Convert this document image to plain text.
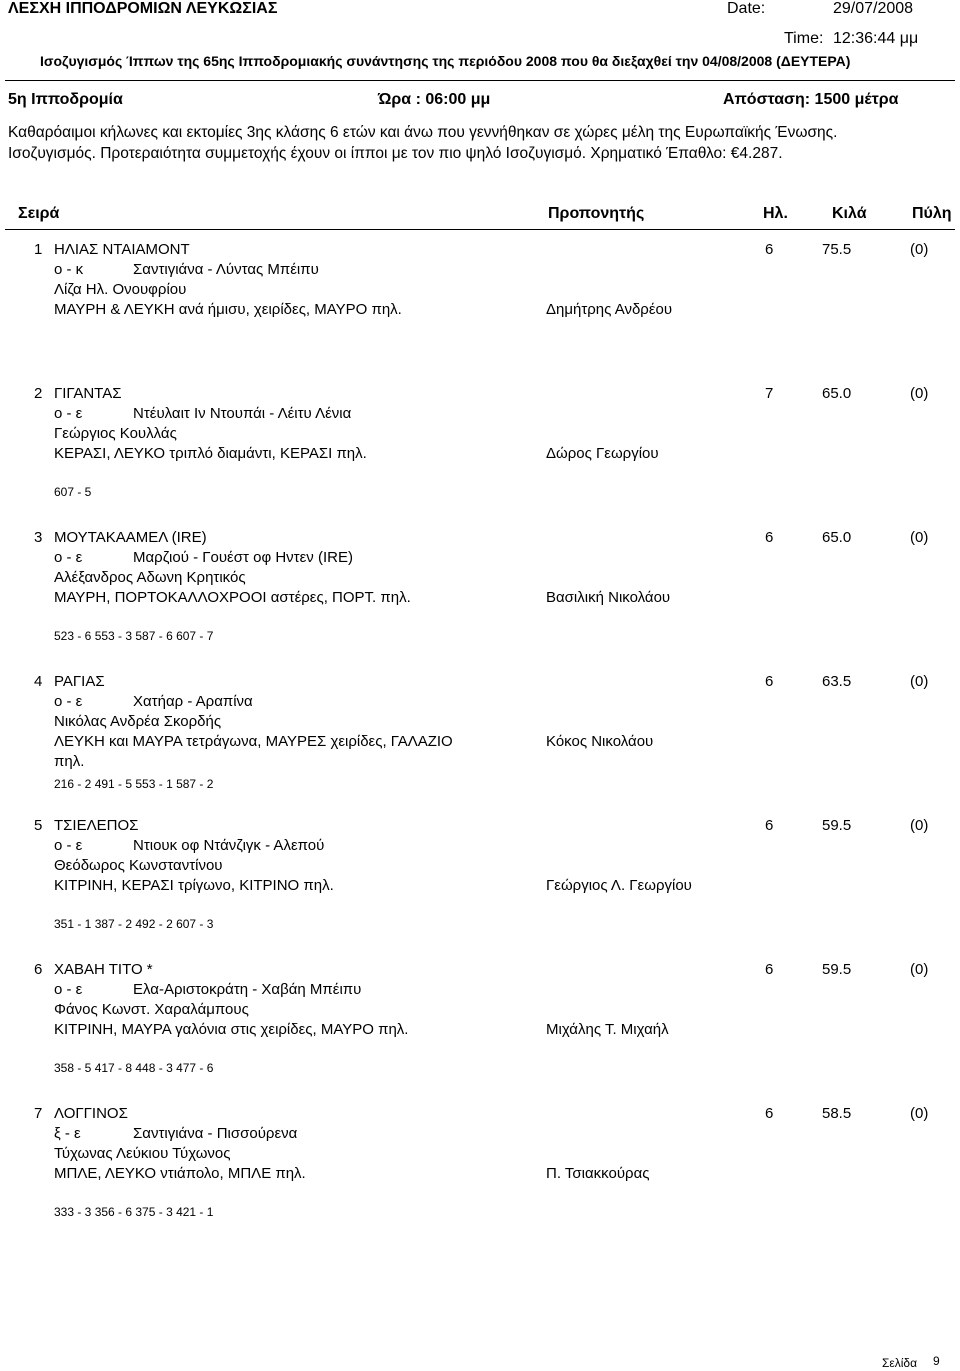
ΛΕΣΧΗ ΙΠΠΟΔΡΟΜΙΩΝ ΛΕΥΚΩΣΙΑΣ	Date:	29/07/2008
Time: 12:36:44 μμ
Ισοζυγισμός Ίππων της 65ης Ιπποδρομιακής συνάντησης της περιόδου 2008 που θα διεξαχθεί την 04/08/2008 (ΔΕΥΤΕΡΑ)
5η Ιπποδρομία	Ώρα : 06:00 μμ	Απόσταση: 1500 μέτρα
Καθαρόαιμοι κήλωνες και εκτομίες 3ης κλάσης 6 ετών και άνω που γεννήθηκαν σε χώρες μέλη της Ευρωπαϊκής Ένωσης. Ισοζυγισμός. Προτεραιότητα συμμετοχής έχουν οι ίπποι με τον πιο ψηλό Ισοζυγισμό. Χρηματικό Έπαθλο: €4.287.
Σειρά	Προπονητής	Ηλ.	Κιλά	Πύλη
1 ΗΛΙΑΣ ΝΤΑΙΑΜΟΝΤ	6	75.5	(0)
ο - κ	Σαντιγιάνα - Λύντας Μπέιπυ
Λίζα Ηλ. Ονουφρίου
ΜΑΥΡΗ & ΛΕΥΚΗ ανά ήμισυ, χειρίδες, ΜΑΥΡΟ πηλ.	Δημήτρης Ανδρέου
2 ΓΙΓΑΝΤΑΣ	7	65.0	(0)
ο - ε	Ντέυλαιτ Ιν Ντουπάι - Λέιτυ Λένια
Γεώργιος Κουλλάς
ΚΕΡΑΣΙ, ΛΕΥΚΟ τριπλό διαμάντι, ΚΕΡΑΣΙ πηλ.	Δώρος Γεωργίου
607 - 5
3 ΜΟΥΤΑΚΑΑΜΕΛ (IRE)	6	65.0	(0)
ο - ε	Μαρζιού - Γουέστ οφ Ηντεν (IRE)
Αλέξανδρος Αδωνη Κρητικός
ΜΑΥΡΗ, ΠΟΡΤΟΚΑΛΛΟΧΡΟΟΙ αστέρες, ΠΟΡΤ. πηλ.	Βασιλική Νικολάου
523 - 6 553 - 3 587 - 6 607 - 7
4 ΡΑΓΙΑΣ	6	63.5	(0)
ο - ε	Χατήαρ - Αραπίνα
Νικόλας Ανδρέα Σκορδής
ΛΕΥΚΗ και ΜΑΥΡΑ τετράγωνα, ΜΑΥΡΕΣ χειρίδες, ΓΑΛΑΖΙΟ	Κόκος Νικολάου
πηλ.
216 - 2 491 - 5 553 - 1 587 - 2
5 ΤΣΙΕΛΕΠΟΣ	6	59.5	(0)
ο - ε	Ντιουκ οφ Ντάνζιγκ - Αλεπού
Θεόδωρος Κωνσταντίνου
ΚΙΤΡΙΝΗ, ΚΕΡΑΣΙ τρίγωνο, ΚΙΤΡΙΝΟ πηλ.	Γεώργιος Λ. Γεωργίου
351 - 1 387 - 2 492 - 2 607 - 3
6 ΧΑΒΑΗ ΤΙΤΟ *	6	59.5	(0)
ο - ε	Ελα-Αριστοκράτη - Χαβάη Μπέιπυ
Φάνος Κωνστ. Χαραλάμπους
ΚΙΤΡΙΝΗ, ΜΑΥΡΑ γαλόνια στις χειρίδες, ΜΑΥΡΟ πηλ.	Μιχάλης Τ. Μιχαήλ
358 - 5 417 - 8 448 - 3 477 - 6
7 ΛΟΓΓΙΝΟΣ	6	58.5	(0)
ξ - ε	Σαντιγιάνα - Πισσούρενα
Τύχωνας Λεύκιου Τύχωνος
ΜΠΛΕ, ΛΕΥΚΟ ντιάπολο, ΜΠΛΕ πηλ.	Π. Τσιακκούρας
333 - 3 356 - 6 375 - 3 421 - 1
Σελίδα 9
